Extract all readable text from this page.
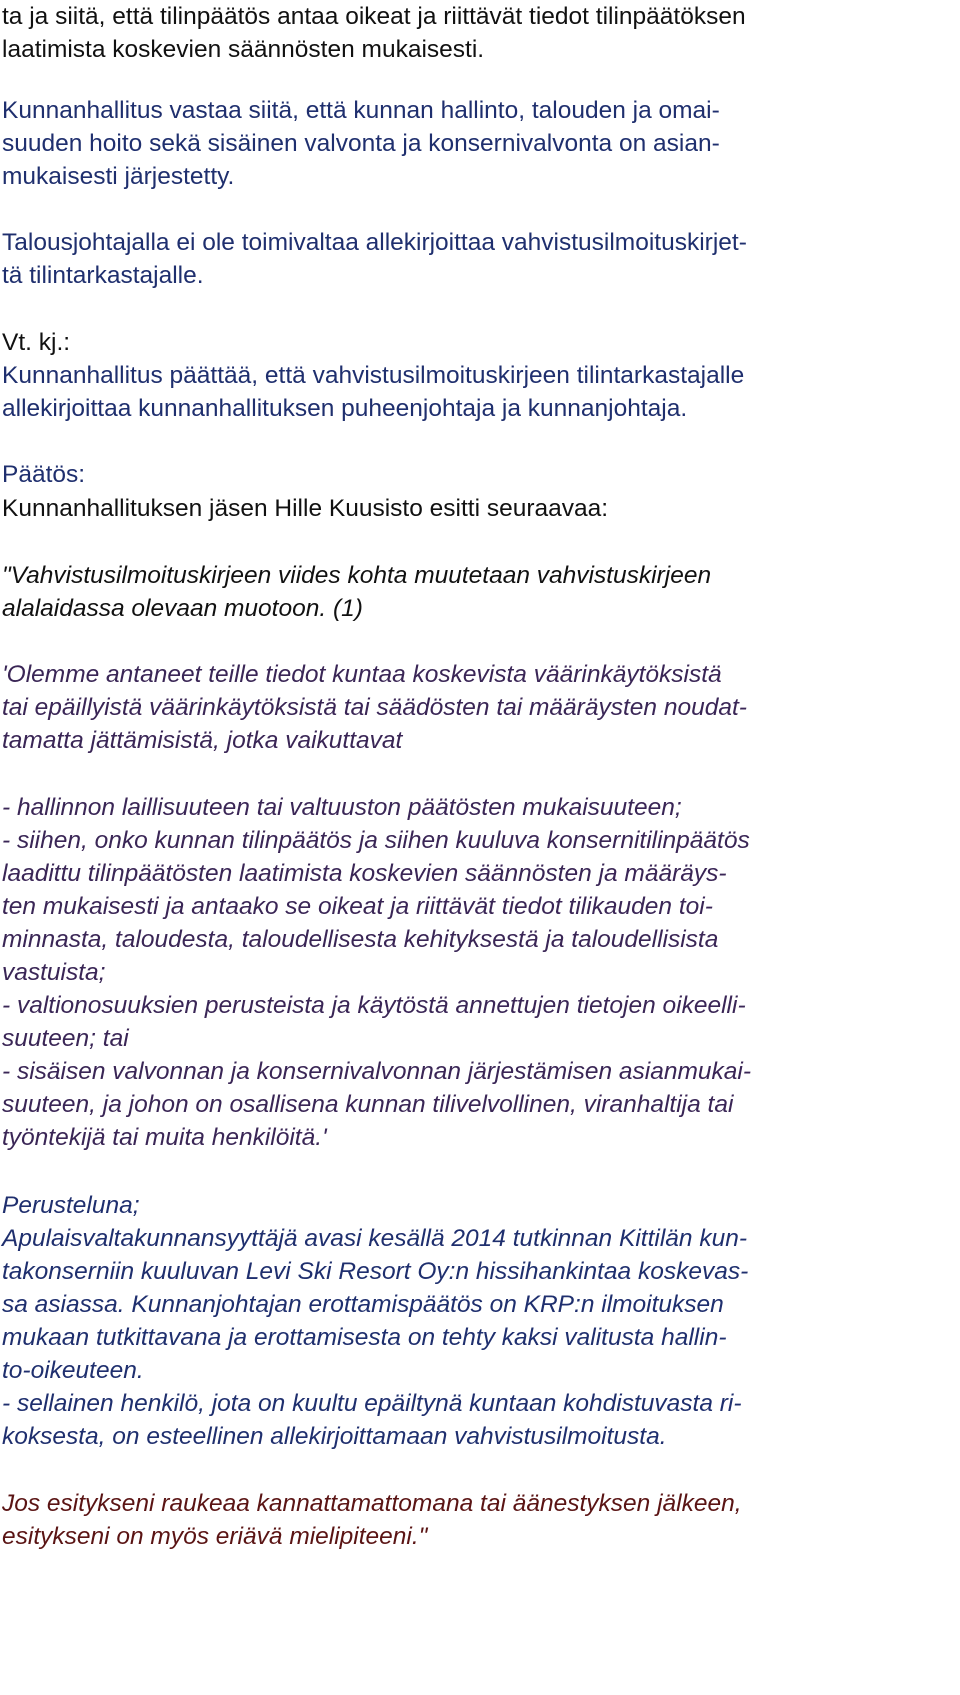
ta ja siitä, että tilinpäätös antaa oikeat ja riittävät tiedot tilinpäätöksen
laatimista koskevien säännösten mukaisesti.
Kunnanhallitus vastaa siitä, että kunnan hallinto, talouden ja omai-
suuden hoito sekä sisäinen valvonta ja konsernivalvonta on asian-
mukaisesti järjestetty.
Talousjohtajalla ei ole toimivaltaa allekirjoittaa vahvistusilmoituskirjet-
tä tilintarkastajalle.
Vt. kj.:
Kunnanhallitus päättää, että vahvistusilmoituskirjeen tilintarkastajalle
allekirjoittaa kunnanhallituksen puheenjohtaja ja kunnanjohtaja.
Päätös:
Kunnanhallituksen jäsen Hille Kuusisto esitti seuraavaa:
"Vahvistusilmoituskirjeen viides kohta muutetaan vahvistuskirjeen
alalaidassa olevaan muotoon. (1)
'Olemme antaneet teille tiedot kuntaa koskevista väärinkäytöksistä
tai epäillyistä väärinkäytöksistä tai säädösten tai määräysten noudat-
tamatta jättämisistä, jotka vaikuttavat
- hallinnon laillisuuteen tai valtuuston päätösten mukaisuuteen;
- siihen, onko kunnan tilinpäätös ja siihen kuuluva konsernitilinpäätös
laadittu tilinpäätösten laatimista koskevien säännösten ja määräys-
ten mukaisesti ja antaako se oikeat ja riittävät tiedot tilikauden toi-
minnasta, taloudesta, taloudellisesta kehityksestä ja taloudellisista
vastuista;
- valtionosuuksien perusteista ja käytöstä annettujen tietojen oikeelli-
suuteen; tai
- sisäisen valvonnan ja konsernivalvonnan järjestämisen asianmukai-
suuteen, ja johon on osallisena kunnan tilivelvollinen, viranhaltija tai
työntekijä tai muita henkilöitä.'
Perusteluna;
Apulaisvaltakunnansyyttäjä avasi kesällä 2014 tutkinnan Kittilän kun-
takonserniin kuuluvan Levi Ski Resort Oy:n hissihankintaa koskevas-
sa asiassa. Kunnanjohtajan erottamispäätös on KRP:n ilmoituksen
mukaan tutkittavana ja erottamisesta on tehty kaksi valitusta hallin-
to-oikeuteen.
- sellainen henkilö, jota on kuultu epäiltynä kuntaan kohdistuvasta ri-
koksesta, on esteellinen allekirjoittamaan vahvistusilmoitusta.
Jos esitykseni raukeaa kannattamattomana tai äänestyksen jälkeen,
esitykseni on myös eriävä mielipiteeni."
